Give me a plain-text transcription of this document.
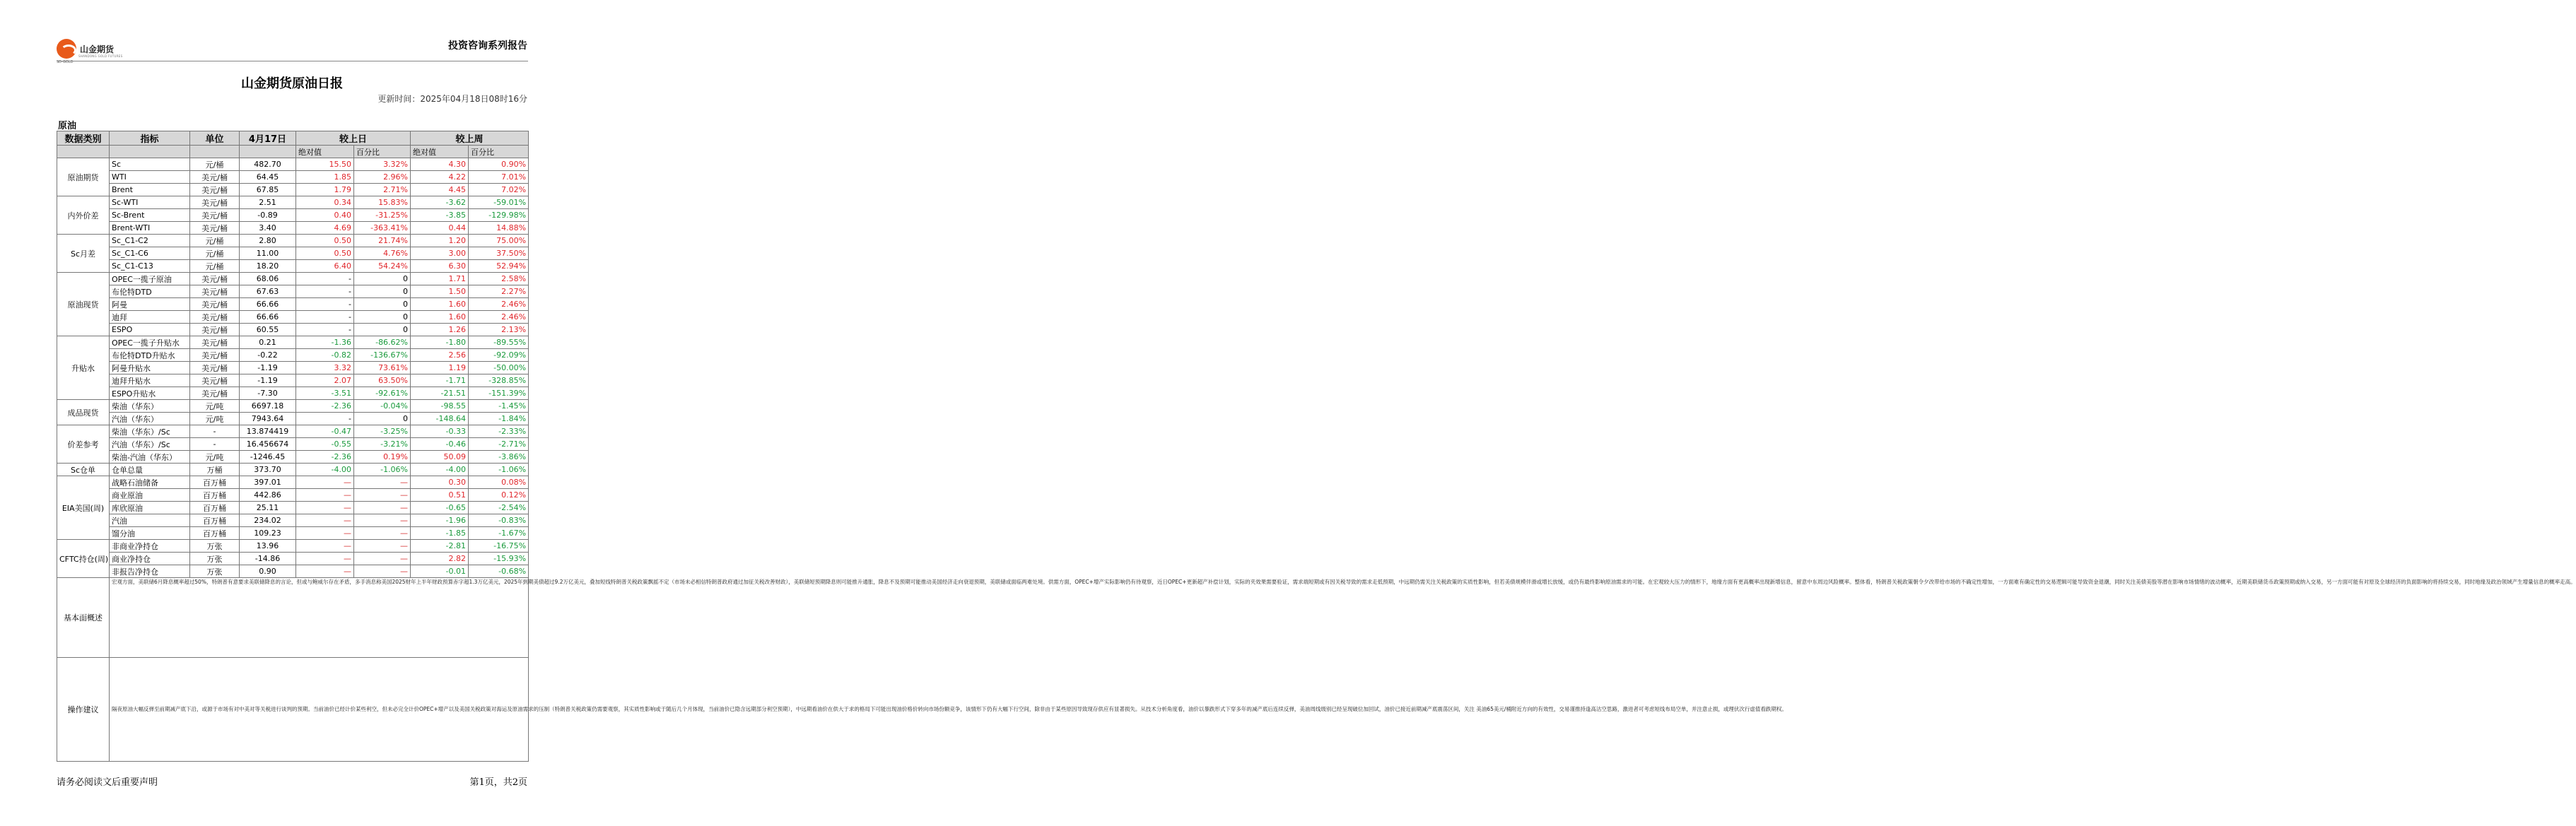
山金期货
SHANDONG GOLD FUTURES
SD-GOLD
投资咨询系列报告
山金期货原油日报
更新时间：2025年04月18日08时16分
原油
数据类别	指标	单位	4月17日	较上日		较上周	
				绝对值	百分比	绝对值	百分比
原油期货	Sc	元/桶	482.70	15.50	3.32%	4.30	0.90%
	WTI	美元/桶	64.45	1.85	2.96%	4.22	7.01%
	Brent	美元/桶	67.85	1.79	2.71%	4.45	7.02%
内外价差	Sc-WTI	美元/桶	2.51	0.34	15.83%	-3.62	-59.01%
	Sc-Brent	美元/桶	-0.89	0.40	-31.25%	-3.85	-129.98%
	Brent-WTI	美元/桶	3.40	4.69	-363.41%	0.44	14.88%
Sc月差	Sc_C1-C2	元/桶	2.80	0.50	21.74%	1.20	75.00%
	Sc_C1-C6	元/桶	11.00	0.50	4.76%	3.00	37.50%
	Sc_C1-C13	元/桶	18.20	6.40	54.24%	6.30	52.94%
原油现货	OPEC一揽子原油	美元/桶	68.06	-	0	1.71	2.58%
	布伦特DTD	美元/桶	67.63	-	0	1.50	2.27%
	阿曼	美元/桶	66.66	-	0	1.60	2.46%
	迪拜	美元/桶	66.66	-	0	1.60	2.46%
	ESPO	美元/桶	60.55	-	0	1.26	2.13%
升贴水	OPEC一揽子升贴水	美元/桶	0.21	-1.36	-86.62%	-1.80	-89.55%
	布伦特DTD升贴水	美元/桶	-0.22	-0.82	-136.67%	2.56	-92.09%
	阿曼升贴水	美元/桶	-1.19	3.32	73.61%	1.19	-50.00%
	迪拜升贴水	美元/桶	-1.19	2.07	63.50%	-1.71	-328.85%
	ESPO升贴水	美元/桶	-7.30	-3.51	-92.61%	-21.51	-151.39%
成品现货	柴油（华东）	元/吨	6697.18	-2.36	-0.04%	-98.55	-1.45%
	汽油（华东）	元/吨	7943.64	-	0	-148.64	-1.84%
价差参考	柴油（华东）/Sc	-	13.874419	-0.47	-3.25%	-0.33	-2.33%
	汽油（华东）/Sc	-	16.456674	-0.55	-3.21%	-0.46	-2.71%
	柴油-汽油（华东）	元/吨	-1246.45	-2.36	0.19%	50.09	-3.86%
Sc仓单	仓单总量	万桶	373.70	-4.00	-1.06%	-4.00	-1.06%
EIA美国(周)	战略石油储备	百万桶	397.01	—	—	0.30	0.08%
	商业原油	百万桶	442.86	—	—	0.51	0.12%
	库欣原油	百万桶	25.11	—	—	-0.65	-2.54%
	汽油	百万桶	234.02	—	—	-1.96	-0.83%
	馏分油	百万桶	109.23	—	—	-1.85	-1.67%
CFTC持仓(周)	非商业净持仓	万张	13.96	—	—	-2.81	-16.75%
	商业净持仓	万张	-14.86	—	—	2.82	-15.93%
	非报告净持仓	万张	0.90	—	—	-0.01	-0.68%
基本面概述	宏观方面，美联储6月降息概率超过50%，特朗普有意要求美联储降息的言论，但或与鲍威尔存在矛盾，多手消息称美国2025财年上半年财政预算赤字超1.3万亿美元，2025年到期美债超过9.2万亿美元，叠加短线特朗普关税政策飘摇不定（市场未必相信特朗普政府通过加征关税改善财政），美联储短预期降息则可能推升通胀，降息不及预期可能推动美国经济走向衰退预期，美联储或面临两难处境。供需方面，OPEC+增产实际影响仍有待观察，近日OPEC+更新超产补偿计划，实际的夹效果需要验证，需求端短期或有因关税导致的需求走低预期，中远期仍需关注关税政策的实质性影响，但若美债规模伴滑或增长放缓，或仍有最终影响原油需求的可能。在宏观较大压力的情形下，地缘方面有更高概率出现新增信息，留意中东周边风险概率。整体看，特朗普关税政策朝令夕改带给市场的不确定性增加，一方面难有确定性的交易逻辑可能导致资金退潮，同时关注美债美股等潜在影响市场情绪的波动概率，近期美联储货币政策预期或纳入交易，另一方面可能有对原及全球经济的负面影响的将持续交易，同时地缘及政治领域产生增量信息的概率走高。						
操作建议	隔夜原油大幅反弹至前期减产底下沿，或源于市场有对中美对等关税进行谈判的预期。当前油价已经计价某些利空，但未必完全计价OPEC+增产以及美国关税政策对海运及原油需求的压制（特朗普关税政策仍需要观察，其实质性影响或于随后几个月体现，当前油价已隐含远期部分利空预期），中远期看油价在供大于求的格局下可能出现油价格价转向市场份额竞争，该情形下仍有大幅下行空间，除非由于某些原因导致现存供应有显著损失。从技术分析角度看，油价以暴跌形式下穿多年的减产底后连续反弹，美油周线级别已经呈现破位加回试，油价已接近前期减产底震荡区间，关注 美油65美元/桶附近方向的有效性，交易谨推持逢高沽空思路，激进者可考虑短线布局空单，并注意止损，或理伏次行虚值看跌期权。						
请务必阅读文后重要声明	第1页，共2页
